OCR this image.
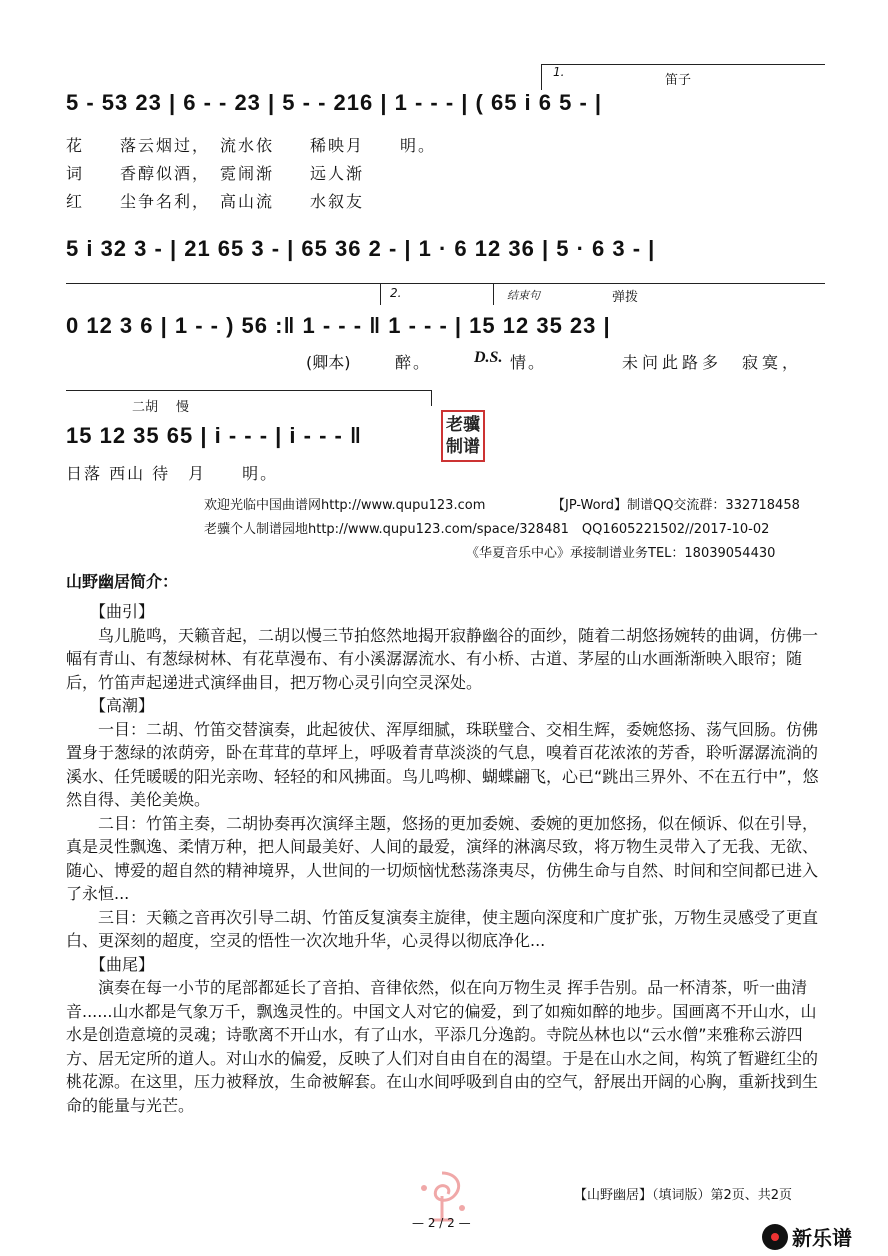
1.
笛子
5 - 53 23 | 6 - - 23 | 5 - - 216 | 1 - - - | ( 65 i 6 5 - |
花　　落云烟过，　流水依　　稀映月　　明。
词　　香醇似酒，　霓闹渐　　远人渐
红　　尘争名利，　高山流　　水叙友
5 i 32 3 - | 21 65 3 - | 65 36 2 - | 1 · 6 12 36 | 5 · 6 3 - |
2.	结束句	弹拨
0 12 3 6 | 1 - - ) 56 :‖ 1 - - - ‖ 1 - - - | 15 12 35 23 |
(卿本)	醉。	D.S. 情。	未问此路多　寂寞，
二胡 慢
15 12 35 65 | i - - - | i - - - ‖
日落 西山 待　月　　明。
老骥
制谱
欢迎光临中国曲谱网http://www.qupu123.com	【JP-Word】制谱QQ交流群：332718458
老骥个人制谱园地http://www.qupu123.com/space/328481　QQ1605221502//2017-10-02
《华夏音乐中心》承接制谱业务TEL：18039054430
山野幽居简介：

【曲引】

鸟儿脆鸣，天籁音起，二胡以慢三节拍悠然地揭开寂静幽谷的面纱，随着二胡悠扬婉转的曲调，仿佛一幅有青山、有葱绿树林、有花草漫布、有小溪潺潺流水、有小桥、古道、茅屋的山水画渐渐映入眼帘；随后，竹笛声起递进式演绎曲目，把万物心灵引向空灵深处。

【高潮】

一目：二胡、竹笛交替演奏，此起彼伏、浑厚细腻，珠联璧合、交相生辉，委婉悠扬、荡气回肠。仿佛置身于葱绿的浓荫旁，卧在茸茸的草坪上，呼吸着青草淡淡的气息，嗅着百花浓浓的芳香，聆听潺潺流淌的溪水、任凭暖暖的阳光亲吻、轻轻的和风拂面。鸟儿鸣柳、蝴蝶翩飞，心已“跳出三界外、不在五行中”，悠然自得、美伦美焕。

二目：竹笛主奏，二胡协奏再次演绎主题，悠扬的更加委婉、委婉的更加悠扬，似在倾诉、似在引导，真是灵性飘逸、柔情万种，把人间最美好、人间的最爱，演绎的淋漓尽致，将万物生灵带入了无我、无欲、随心、博爱的超自然的精神境界，人世间的一切烦恼忧愁荡涤夷尽，仿佛生命与自然、时间和空间都已进入了永恒...

三目：天籁之音再次引导二胡、竹笛反复演奏主旋律，使主题向深度和广度扩张，万物生灵感受了更直白、更深刻的超度，空灵的悟性一次次地升华，心灵得以彻底净化...

【曲尾】

演奏在每一小节的尾部都延长了音拍、音律依然，似在向万物生灵 挥手告别。品一杯清茶，听一曲清音......山水都是气象万千，飘逸灵性的。中国文人对它的偏爱，到了如痴如醉的地步。国画离不开山水，山水是创造意境的灵魂；诗歌离不开山水，有了山水，平添几分逸韵。寺院丛林也以“云水僧”来雅称云游四方、居无定所的道人。对山水的偏爱，反映了人们对自由自在的渴望。于是在山水之间，构筑了暂避红尘的桃花源。在这里，压力被释放，生命被解套。在山水间呼吸到自由的空气，舒展出开阔的心胸，重新找到生命的能量与光芒。

【山野幽居】（填词版）第2页、共2页
— 2 / 2 —
新乐谱
